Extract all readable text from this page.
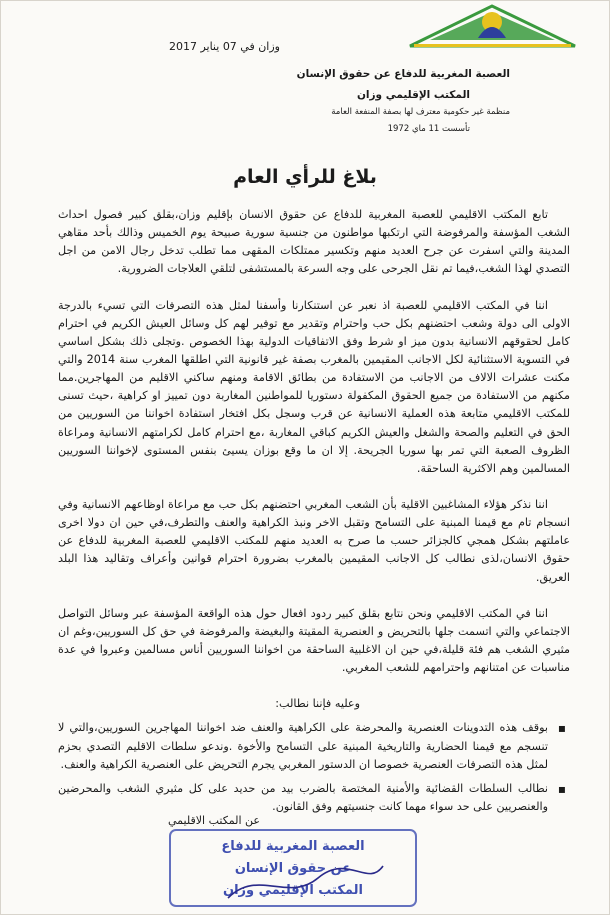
وزان في 07 يناير 2017
العصبة المغربية للدفاع عن حقوق الإنسان
المكتب الإقليمي وزان
منظمة غير حكومية معترف لها بصفة المنفعة العامة
تأسست 11 ماي 1972
بلاغ للرأي العام

تابع المكتب الاقليمي للعصبة المغربية للدفاع عن حقوق الانسان بإقليم وزان،بقلق كبير فصول احداث الشغب المؤسفة والمرفوضة التي ارتكبها مواطنون من جنسية سورية صبيحة يوم الخميس وذالك بأحد مقاهي المدينة والتي اسفرت عن جرح العديد منهم وتكسير ممتلكات المقهى مما تطلب تدخل رجال الامن من اجل التصدي لهذا الشغب،فيما تم نقل الجرحى على وجه السرعة بالمستشفى لتلقي العلاجات الضرورية.

اننا في المكتب الاقليمي للعصبة اذ نعبر عن استنكارنا وأسفنا لمثل هذه التصرفات التي تسيء بالدرجة الاولى الى دولة وشعب احتضنهم بكل حب واحترام وتقدير مع توفير لهم كل وسائل العيش الكريم في احترام كامل لحقوقهم الانسانية بدون ميز او شرط وفق الاتفاقيات الدولية بهذا الخصوص .وتجلى ذلك بشكل اساسي في التسوية الاستثنائية لكل الاجانب المقيمين بالمغرب بصفة غير قانونية التي اطلقها المغرب سنة 2014 والتي مكنت عشرات الالاف من الاجانب من الاستفادة من بطائق الاقامة ومنهم ساكني الاقليم من المهاجرين.مما مكنهم من الاستفادة من جميع الحقوق المكفولة دستوريا للمواطنين المغاربة دون تمييز او كراهية ،حيث تسنى للمكتب الاقليمي متابعة هذه العملية الانسانية عن قرب وسجل بكل افتخار استفادة اخواننا من السوريين من الحق في التعليم والصحة والشغل والعيش الكريم كباقي المغاربة ،مع احترام كامل لكرامتهم الانسانية ومراعاة الظروف الصعبة التي تمر بها سوريا الجريحة. إلا ان ما وقع بوزان يسيئ بنفس المستوى لإخواننا السوريين المسالمين وهم الاكثرية الساحقة.

اننا نذكر هؤلاء المشاغبين الاقلية بأن الشعب المغربي احتضنهم بكل حب مع مراعاة اوظاعهم الانسانية وفي انسجام تام مع قيمنا المبنية على التسامح وتقبل الاخر ونبذ الكراهية والعنف والتطرف،في حين ان دولا اخرى عاملتهم بشكل همجي كالجزائر حسب ما صرح به العديد منهم للمكتب الاقليمي للعصبة المغربية للدفاع عن حقوق الانسان،لذى نطالب كل الاجانب المقيمين بالمغرب بضرورة احترام قوانين وأعراف وتقاليد هذا البلد العريق.

اننا في المكتب الاقليمي ونحن نتابع بقلق كبير ردود افعال حول هذه الواقعة المؤسفة عبر وسائل التواصل الاجتماعي والتي اتسمت جلها بالتحريض و العنصرية المقيتة والبغيضة والمرفوضة في حق كل السوريين،وغم ان مثيري الشغب هم فئة قليلة،في حين ان الاغلبية الساحقة من اخواننا السوريين أناس مسالمين وعبروا في عدة مناسبات عن امتنانهم واحترامهم للشعب المغربي.

وعليه فإننا نطالب:

▪ بوقف هذه التدوينات العنصرية والمحرضة على الكراهية والعنف ضد اخواننا المهاجرين السوريين،والتي لا تنسجم مع قيمنا الحضارية والتاريخية المبنية على التسامح والأخوة .وندعو سلطات الاقليم التصدي بحزم لمثل هذه التصرفات العنصرية خصوصا ان الدستور المغربي يجرم التحريض على العنصرية الكراهية والعنف.
▪ نطالب السلطات القضائية والأمنية المختصة بالضرب بيد من حديد على كل مثيري الشغب والمحرضين والعنصريين على حد سواء مهما كانت جنسيتهم وفق القانون.
عن المكتب الاقليمي
العصبة المغربية للدفاع
عن حقوق الإنسان
المكتب الإقليمي وزان
